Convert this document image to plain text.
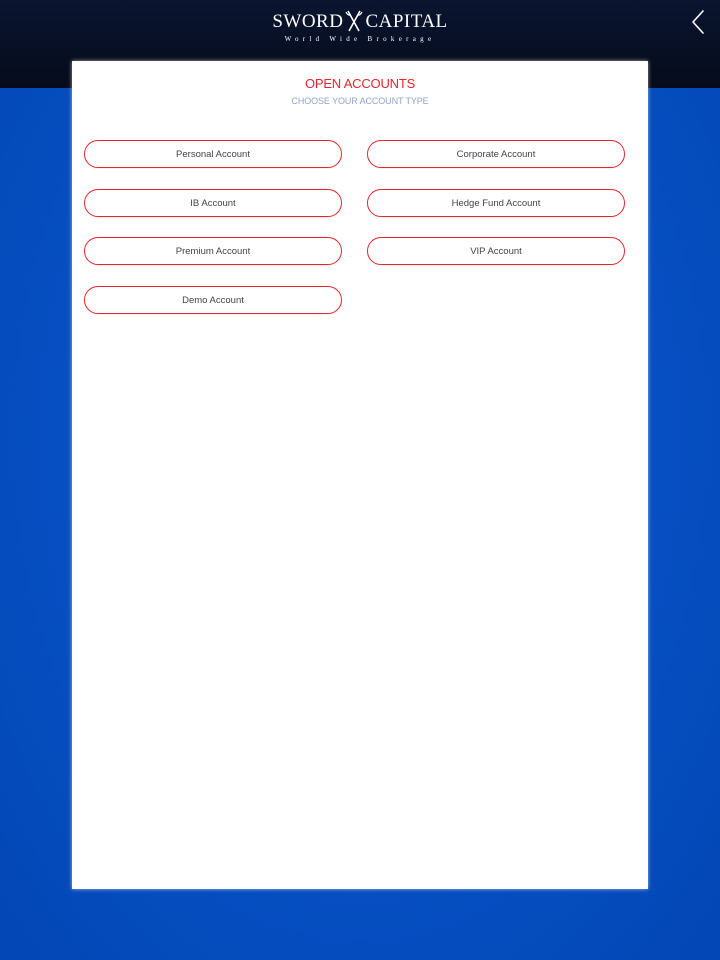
SWORD CAPITAL
World Wide Brokerage
OPEN ACCOUNTS
CHOOSE YOUR ACCOUNT TYPE
Personal Account	Corporate Account
IB Account	Hedge Fund Account
Premium Account	VIP Account
Demo Account
